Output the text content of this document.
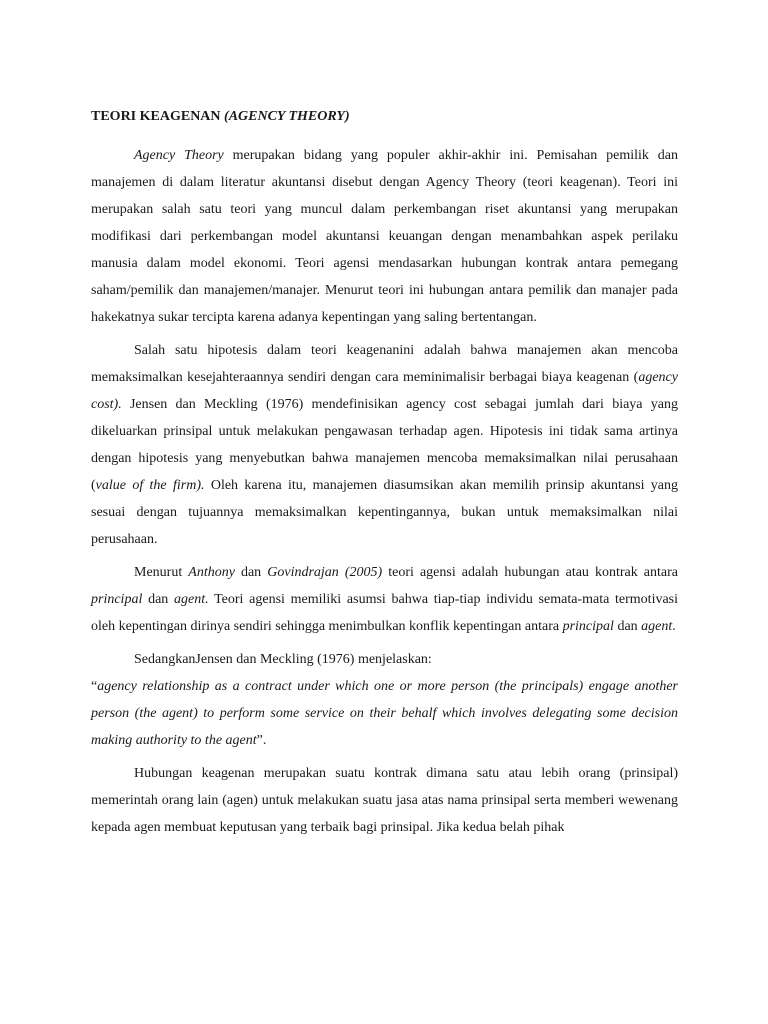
TEORI KEAGENAN (AGENCY THEORY)

Agency Theory merupakan bidang yang populer akhir-akhir ini. Pemisahan pemilik dan manajemen di dalam literatur akuntansi disebut dengan Agency Theory (teori keagenan). Teori ini merupakan salah satu teori yang muncul dalam perkembangan riset akuntansi yang merupakan modifikasi dari perkembangan model akuntansi keuangan dengan menambahkan aspek perilaku manusia dalam model ekonomi. Teori agensi mendasarkan hubungan kontrak antara pemegang saham/pemilik dan manajemen/manajer. Menurut teori ini hubungan antara pemilik dan manajer pada hakekatnya sukar tercipta karena adanya kepentingan yang saling bertentangan.

Salah satu hipotesis dalam teori keagenanini adalah bahwa manajemen akan mencoba memaksimalkan kesejahteraannya sendiri dengan cara meminimalisir berbagai biaya keagenan (agency cost). Jensen dan Meckling (1976) mendefinisikan agency cost sebagai jumlah dari biaya yang dikeluarkan prinsipal untuk melakukan pengawasan terhadap agen. Hipotesis ini tidak sama artinya dengan hipotesis yang menyebutkan bahwa manajemen mencoba memaksimalkan nilai perusahaan (value of the firm). Oleh karena itu, manajemen diasumsikan akan memilih prinsip akuntansi yang sesuai dengan tujuannya memaksimalkan kepentingannya, bukan untuk memaksimalkan nilai perusahaan.

Menurut Anthony dan Govindrajan (2005) teori agensi adalah hubungan atau kontrak antara principal dan agent. Teori agensi memiliki asumsi bahwa tiap-tiap individu semata-mata termotivasi oleh kepentingan dirinya sendiri sehingga menimbulkan konflik kepentingan antara principal dan agent.

SedangkanJensen dan Meckling (1976) menjelaskan:

“agency relationship as a contract under which one or more person (the principals) engage another person (the agent) to perform some service on their behalf which involves delegating some decision making authority to the agent”.

Hubungan keagenan merupakan suatu kontrak dimana satu atau lebih orang (prinsipal) memerintah orang lain (agen) untuk melakukan suatu jasa atas nama prinsipal serta memberi wewenang kepada agen membuat keputusan yang terbaik bagi prinsipal. Jika kedua belah pihak
